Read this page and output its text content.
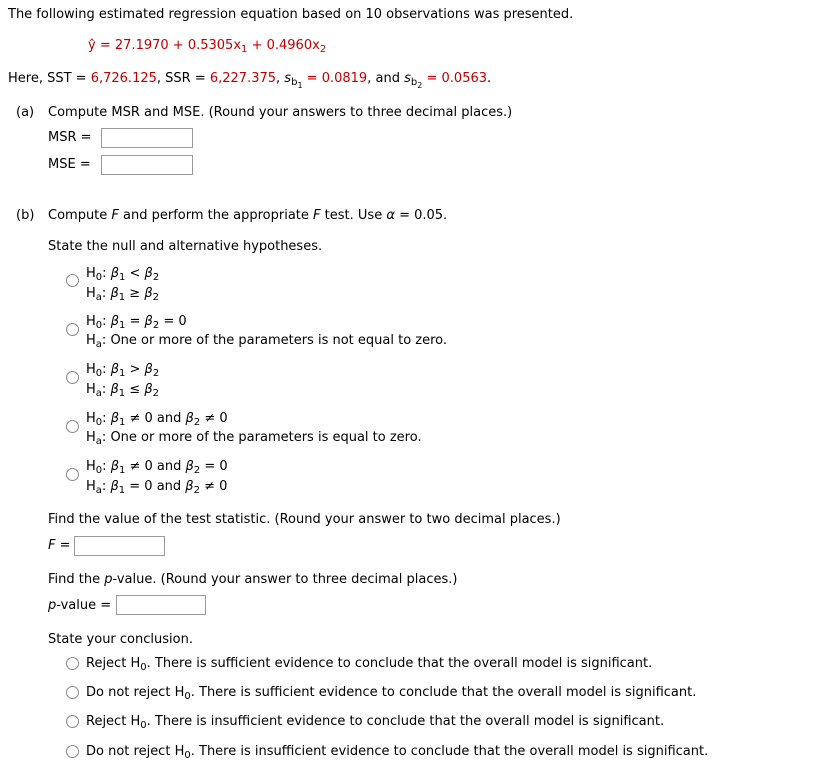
The following estimated regression equation based on 10 observations was presented.
ŷ = $27.1970 + 0.5305x_1 + 0.4960x_2$
Here, SST = 6,726.125, SSR = 6,227.375, $s_{b_1} = 0.0819$, and $s_{b_2} = 0.0563$.
(a) Compute MSR and MSE. (Round your answers to three decimal places.)
MSR =
MSE =
(b) Compute F and perform the appropriate F test. Use α = 0.05.
State the null and alternative hypotheses.
$H_0$: $\beta_1 < \beta_2$
$H_a$: $\beta_1 \ge \beta_2$
$H_0$: $\beta_1 = \beta_2 = 0$
$H_a$: One or more of the parameters is not equal to zero.
$H_0$: $\beta_1 > \beta_2$
$H_a$: $\beta_1 \le \beta_2$
$H_0$: $\beta_1 \ne 0$ and $\beta_2 \ne 0$
$H_a$: One or more of the parameters is equal to zero.
$H_0$: $\beta_1 \ne 0$ and $\beta_2 = 0$
$H_a$: $\beta_1 = 0$ and $\beta_2 \ne 0$
Find the value of the test statistic. (Round your answer to two decimal places.)
F =
Find the p-value. (Round your answer to three decimal places.)
p-value =
State your conclusion.
Reject $H_0$. There is sufficient evidence to conclude that the overall model is significant.
Do not reject $H_0$. There is sufficient evidence to conclude that the overall model is significant.
Reject $H_0$. There is insufficient evidence to conclude that the overall model is significant.
Do not reject $H_0$. There is insufficient evidence to conclude that the overall model is significant.
